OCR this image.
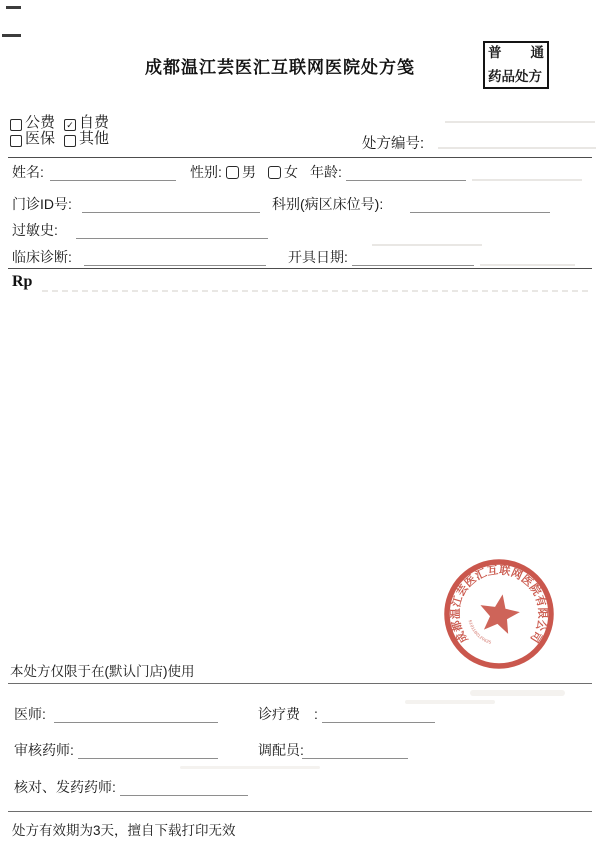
成都温江芸医汇互联网医院处方笺
普 通
药品处方
公费 ✓ 自费
医保 其他	处方编号:
姓名:	性别: 男 女 年龄:
门诊ID号:	科别(病区床位号):
过敏史:
临床诊断:	开具日期:
Rp
成都温江芸医汇互联网医院有限公司
5101180120625
本处方仅限于在(默认门店)使用
医师:	诊疗费　:
审核药师:	调配员:
核对、发药药师:
处方有效期为3天，擅自下载打印无效
